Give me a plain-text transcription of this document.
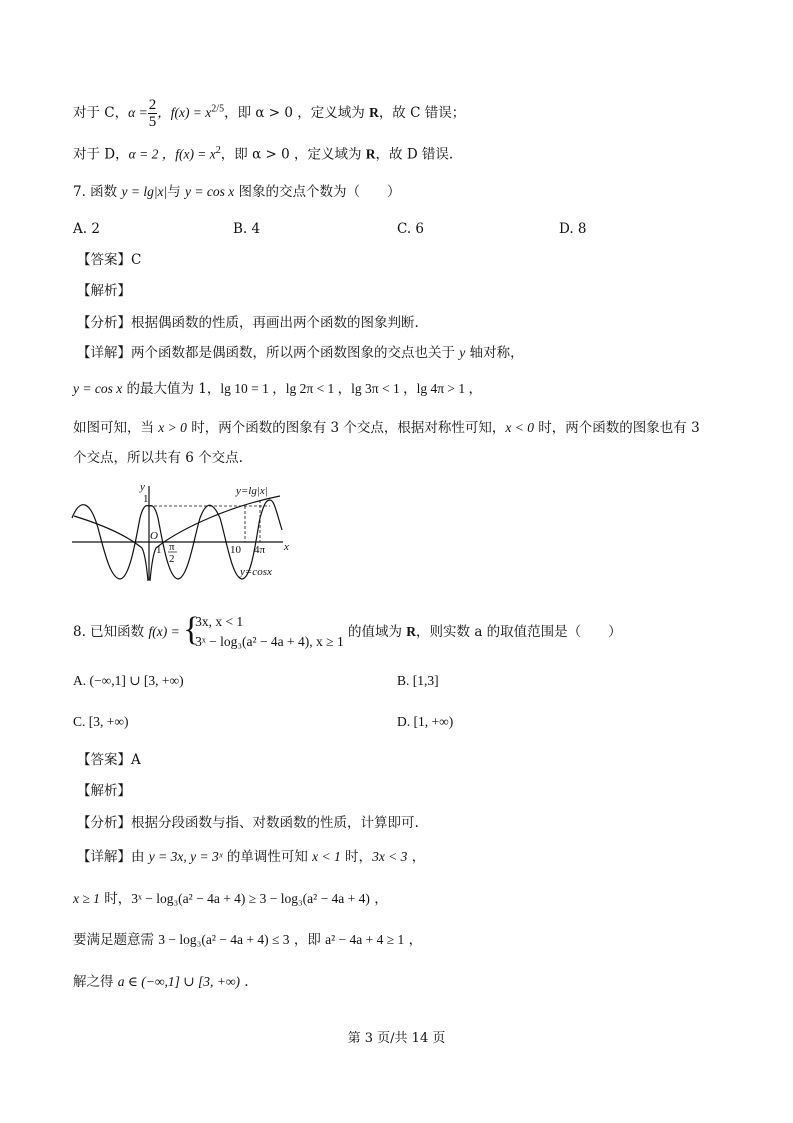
对于 C，$\alpha = \frac{2}{5}$ ，$f(x) = x^{2/5}$，即 α > 0 ，定义域为 R，故 C 错误；
对于 D，α = 2 ，$f(x) = x^2$，即 α > 0 ，定义域为 R，故 D 错误.
7. 函数 y = lg|x|与 y = cos x 图象的交点个数为（　　）
A. 2	B. 4	C. 6	D. 8
【答案】C
【解析】
【分析】根据偶函数的性质，再画出两个函数的图象判断.
【详解】两个函数都是偶函数，所以两个函数图象的交点也关于 y 轴对称，
y = cos x 的最大值为 1，lg 10 = 1 ，lg 2π < 1 ，lg 3π < 1 ，lg 4π > 1 ，
如图可知，当 x > 0 时，两个函数的图象有 3 个交点，根据对称性可知，x < 0 时，两个函数的图象也有 3
个交点，所以共有 6 个交点.
y
x
1
O
1 π
2
10 4π
y=lg|x|
y=cosx
8. 已知函数 f(x) = {
3x, x < 1
3ˣ − log₃(a² − 4a + 4), x ≥ 1
的值域为 R，则实数 a 的取值范围是（　　）
A. (−∞,1] ∪ [3, +∞)	B. [1,3]
C. [3, +∞)	D. [1, +∞)
【答案】A
【解析】
【分析】根据分段函数与指、对数函数的性质，计算即可.
【详解】由 y = 3x, y = 3ˣ 的单调性可知 x < 1 时，3x < 3 ，
x ≥ 1 时，3ˣ − log₃(a² − 4a + 4) ≥ 3 − log₃(a² − 4a + 4) ，
要满足题意需 3 − log₃(a² − 4a + 4) ≤ 3 ，即 a² − 4a + 4 ≥ 1 ，
解之得 a ∈ (−∞,1] ∪ [3, +∞) .
第 3 页/共 14 页
